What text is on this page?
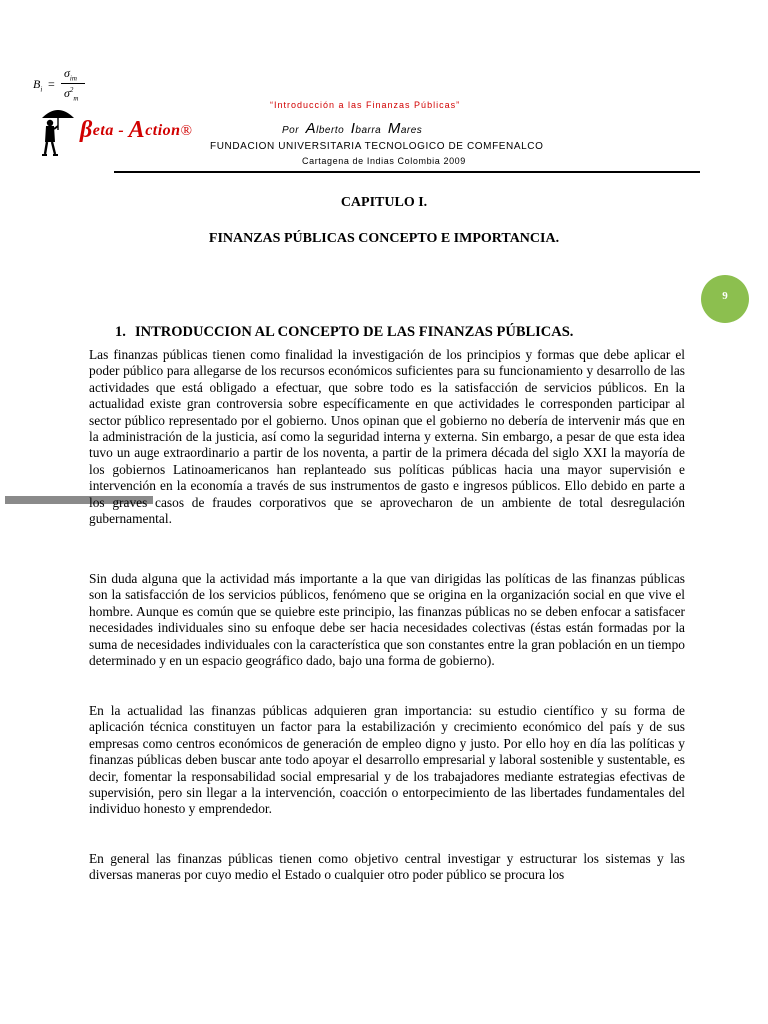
$B_i$ =
$\sigma_{im}$
$\sigma^2_m$
βeta - Action®
“Introducción a las Finanzas Públicas”
Por Alberto Ibarra Mares
FUNDACION UNIVERSITARIA TECNOLOGICO DE COMFENALCO
Cartagena de Indias Colombia 2009
CAPITULO I.
FINANZAS PÚBLICAS CONCEPTO E IMPORTANCIA.
9
1. INTRODUCCION AL CONCEPTO DE LAS FINANZAS PÚBLICAS.

Las finanzas públicas tienen como finalidad la investigación de los principios y formas que debe aplicar el poder público para allegarse de los recursos económicos suficientes para su funcionamiento y desarrollo de las actividades que está obligado a efectuar, que sobre todo es la satisfacción de servicios públicos. En la actualidad existe gran controversia sobre específicamente en que actividades le corresponden participar al sector público representado por el gobierno. Unos opinan que el gobierno no debería de intervenir más que en la administración de la justicia, así como la seguridad interna y externa. Sin embargo, a pesar de que esta idea tuvo un auge extraordinario a partir de los noventa, a partir de la primera década del siglo XXI la mayoría de los gobiernos Latinoamericanos han replanteado sus políticas públicas hacia una mayor supervisión e intervención en la economía a través de sus instrumentos de gasto e ingresos públicos. Ello debido en parte a los graves casos de fraudes corporativos que se aprovecharon de un ambiente de total desregulación gubernamental.

Sin duda alguna que la actividad más importante a la que van dirigidas las políticas de las finanzas públicas son la satisfacción de los servicios públicos, fenómeno que se origina en la organización social en que vive el hombre. Aunque es común que se quiebre este principio, las finanzas públicas no se deben enfocar a satisfacer necesidades individuales sino su enfoque debe ser hacia necesidades colectivas (éstas están formadas por la suma de necesidades individuales con la característica que son constantes entre la gran población en un tiempo determinado y en un espacio geográfico dado, bajo una forma de gobierno).

En la actualidad las finanzas públicas adquieren gran importancia: su estudio científico y su forma de aplicación técnica constituyen un factor para la estabilización y crecimiento económico del país y de sus empresas como centros económicos de generación de empleo digno y justo. Por ello hoy en día las políticas y finanzas públicas deben buscar ante todo apoyar el desarrollo empresarial y laboral sostenible y sustentable, es decir, fomentar la responsabilidad social empresarial y de los trabajadores mediante estrategias efectivas de supervisión, pero sin llegar a la intervención, coacción o entorpecimiento de las libertades fundamentales del individuo honesto y emprendedor.

En general las finanzas públicas tienen como objetivo central investigar y estructurar los sistemas y las diversas maneras por cuyo medio el Estado o cualquier otro poder público se procura los
